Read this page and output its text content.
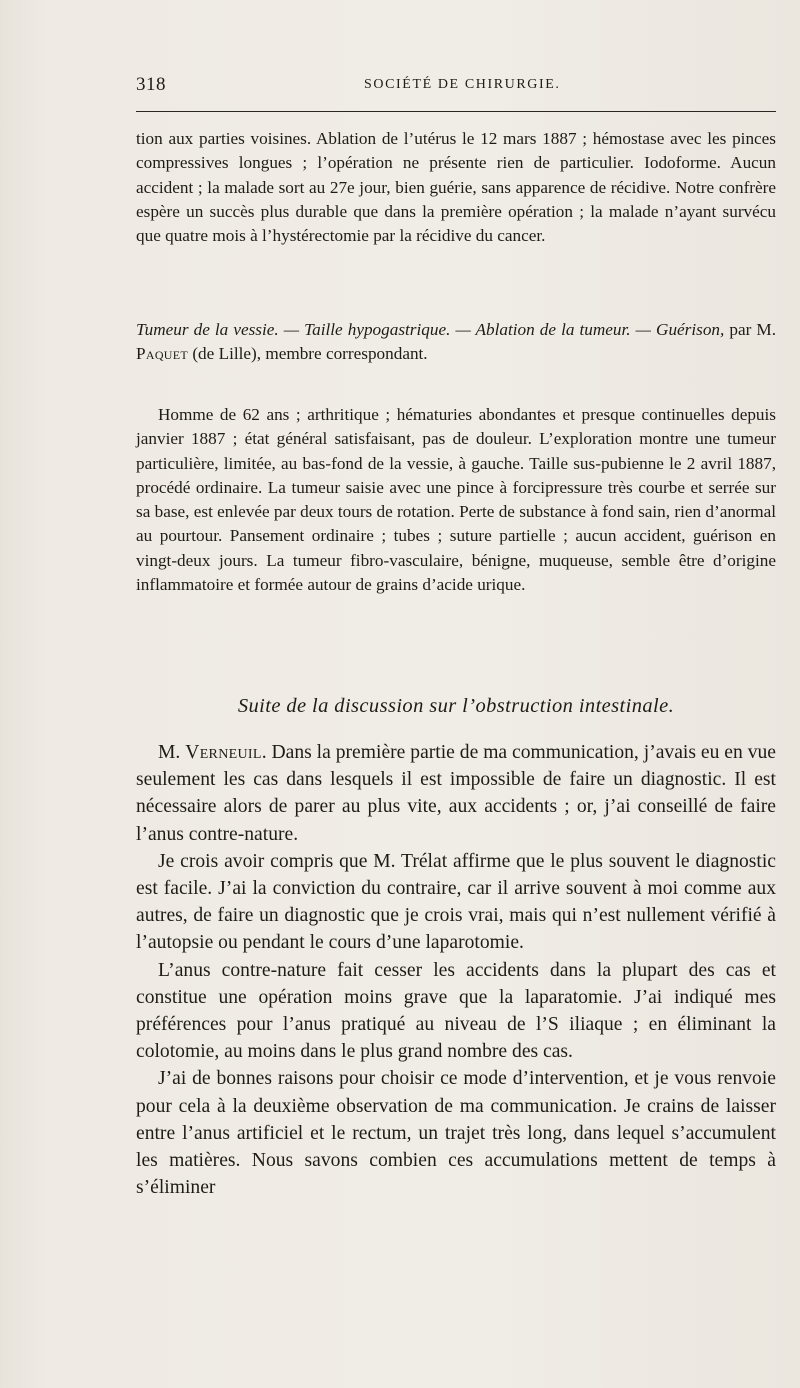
318	SOCIÉTÉ DE CHIRURGIE.

tion aux parties voisines. Ablation de l’utérus le 12 mars 1887 ; hémostase avec les pinces compressives longues ; l’opération ne présente rien de particulier. Iodoforme. Aucun accident ; la malade sort au 27e jour, bien guérie, sans apparence de récidive. Notre confrère espère un succès plus durable que dans la première opération ; la malade n’ayant survécu que quatre mois à l’hystérectomie par la récidive du cancer.

Tumeur de la vessie. — Taille hypogastrique. — Ablation de la tumeur. — Guérison, par M. Paquet (de Lille), membre correspondant.

Homme de 62 ans ; arthritique ; hématuries abondantes et presque continuelles depuis janvier 1887 ; état général satisfaisant, pas de douleur. L’exploration montre une tumeur particulière, limitée, au bas-fond de la vessie, à gauche. Taille sus-pubienne le 2 avril 1887, procédé ordinaire. La tumeur saisie avec une pince à forcipressure très courbe et serrée sur sa base, est enlevée par deux tours de rotation. Perte de substance à fond sain, rien d’anormal au pourtour. Pansement ordinaire ; tubes ; suture partielle ; aucun accident, guérison en vingt-deux jours. La tumeur fibro-vasculaire, bénigne, muqueuse, semble être d’origine inflammatoire et formée autour de grains d’acide urique.

Suite de la discussion sur l’obstruction intestinale.

M. Verneuil. Dans la première partie de ma communication, j’avais eu en vue seulement les cas dans lesquels il est impossible de faire un diagnostic. Il est nécessaire alors de parer au plus vite, aux accidents ; or, j’ai conseillé de faire l’anus contre-nature.

Je crois avoir compris que M. Trélat affirme que le plus souvent le diagnostic est facile. J’ai la conviction du contraire, car il arrive souvent à moi comme aux autres, de faire un diagnostic que je crois vrai, mais qui n’est nullement vérifié à l’autopsie ou pendant le cours d’une laparotomie.

L’anus contre-nature fait cesser les accidents dans la plupart des cas et constitue une opération moins grave que la laparatomie. J’ai indiqué mes préférences pour l’anus pratiqué au niveau de l’S iliaque ; en éliminant la colotomie, au moins dans le plus grand nombre des cas.

J’ai de bonnes raisons pour choisir ce mode d’intervention, et je vous renvoie pour cela à la deuxième observation de ma communication. Je crains de laisser entre l’anus artificiel et le rectum, un trajet très long, dans lequel s’accumulent les matières. Nous savons combien ces accumulations mettent de temps à s’éliminer
